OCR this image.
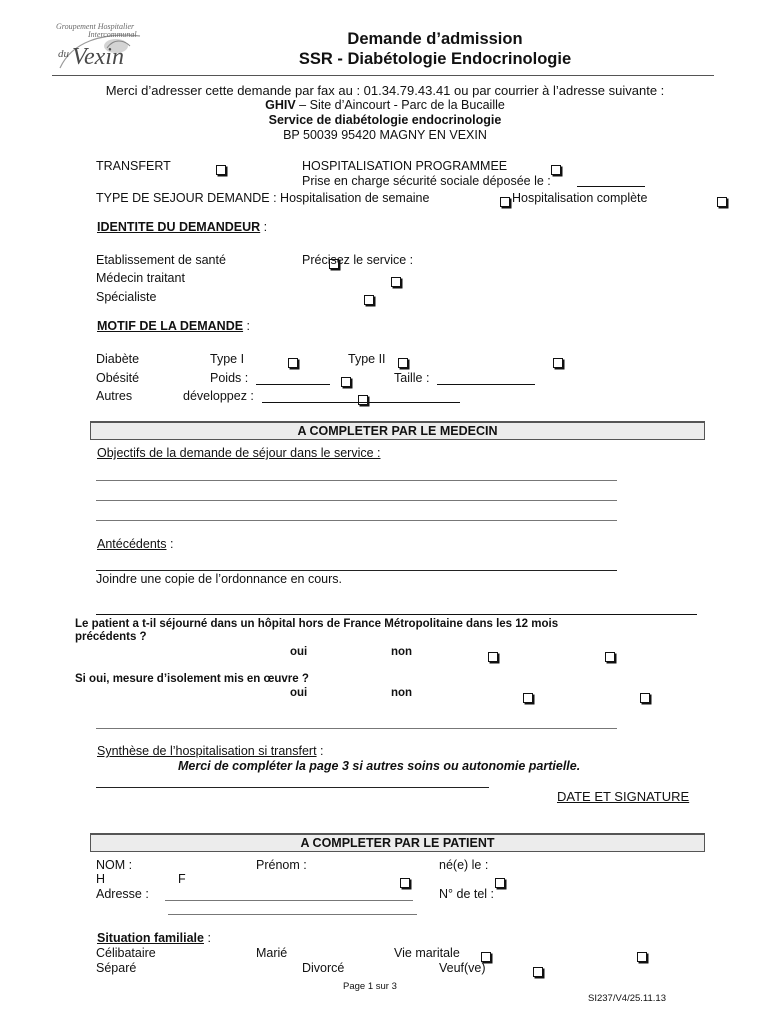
Groupement Hospitalier
Intercommunal
du Vexin
Demande d’admission
SSR - Diabétologie Endocrinologie
Merci d’adresser cette demande par fax au : 01.34.79.43.41 ou par courrier à l’adresse suivante :
GHIV – Site d’Aincourt - Parc de la Bucaille
Service de diabétologie endocrinologie
BP 50039 95420 MAGNY EN VEXIN
TRANSFERT
	HOSPITALISATION PROGRAMMEE

Prise en charge sécurité sociale déposée le :
TYPE DE SEJOUR DEMANDE : Hospitalisation de semaine
	Hospitalisation complète

IDENTITE DU DEMANDEUR :
Etablissement de santé
	Précisez le service :
Médecin traitant

Spécialiste

MOTIF DE LA DEMANDE :
Diabète
	Type I
	Type II

Obésité
	Poids :	Taille :
Autres
	développez :
A COMPLETER PAR LE MEDECIN
Objectifs de la demande de séjour dans le service :
Antécédents :
Joindre une copie de l’ordonnance en cours.
Le patient a t-il séjourné dans un hôpital hors de France Métropolitaine dans les 12 mois
précédents ?

oui
	non
Si oui, mesure d’isolement mis en œuvre ?

oui
	non
Synthèse de l’hospitalisation si transfert :
Merci de compléter la page 3 si autres soins ou autonomie partielle.
DATE ET SIGNATURE
A COMPLETER PAR LE PATIENT
NOM :	Prénom :	né(e) le :
H
	F

Adresse :	N° de tel :
Situation familiale :
Célibataire
	Marié
	Vie maritale

Séparé
	Divorcé
	Veuf(ve)
Page 1 sur 3
SI237/V4/25.11.13
